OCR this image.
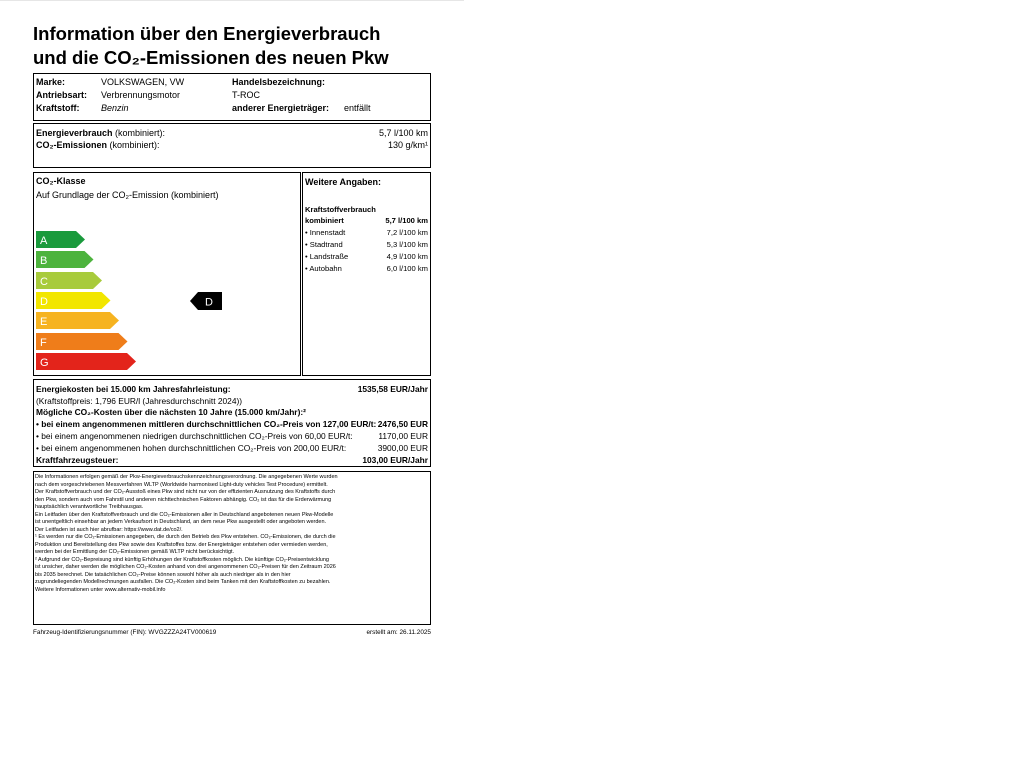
Information über den Energieverbrauch
und die CO₂-Emissionen des neuen Pkw
Marke:	VOLKSWAGEN, VW
Antriebsart: Verbrennungsmotor
Kraftstoff: Benzin
Handelsbezeichnung:
T-ROC
anderer Energieträger: entfällt
Energieverbrauch (kombiniert):	5,7 l/100 km
CO₂-Emissionen (kombiniert):	130 g/km¹
CO₂-Klasse
Auf Grundlage der CO₂-Emission (kombiniert)
A
B
C
D
E
F
G
D
Weitere Angaben:
Kraftstoffverbrauch
kombiniert	5,7 l/100 km
• Innenstadt	7,2 l/100 km
• Stadtrand	5,3 l/100 km
• Landstraße	4,9 l/100 km
• Autobahn	6,0 l/100 km
Energiekosten bei 15.000 km Jahresfahrleistung:	1535,58 EUR/Jahr
(Kraftstoffpreis: 1,796 EUR/l (Jahresdurchschnitt 2024))
Mögliche CO₂-Kosten über die nächsten 10 Jahre (15.000 km/Jahr):²
• bei einem angenommenen mittleren durchschnittlichen CO₂-Preis von 127,00 EUR/t: 2476,50 EUR
• bei einem angenommenen niedrigen durchschnittlichen CO₂-Preis von 60,00 EUR/t:	1170,00 EUR
• bei einem angenommenen hohen durchschnittlichen CO₂-Preis von 200,00 EUR/t:	3900,00 EUR
Kraftfahrzeugsteuer:	103,00 EUR/Jahr
Die Informationen erfolgen gemäß der Pkw-Energieverbrauchskennzeichnungsverordnung. Die angegebenen Werte wurden
nach dem vorgeschriebenen Messverfahren WLTP (Worldwide harmonised Light-duty vehicles Test Procedure) ermittelt.
Der Kraftstoffverbrauch und der CO₂-Ausstoß eines Pkw sind nicht nur von der effizienten Ausnutzung des Kraftstoffs durch
den Pkw, sondern auch vom Fahrstil und anderen nichttechnischen Faktoren abhängig. CO₂ ist das für die Erderwärmung
hauptsächlich verantwortliche Treibhausgas.
Ein Leitfaden über den Kraftstoffverbrauch und die CO₂-Emissionen aller in Deutschland angebotenen neuen Pkw-Modelle
ist unentgeltlich einsehbar an jedem Verkaufsort in Deutschland, an dem neue Pkw ausgestellt oder angeboten werden.
Der Leitfaden ist auch hier abrufbar: https://www.dat.de/co2/.
¹ Es werden nur die CO₂-Emissionen angegeben, die durch den Betrieb des Pkw entstehen. CO₂-Emissionen, die durch die
Produktion und Bereitstellung des Pkw sowie des Kraftstoffes bzw. der Energieträger entstehen oder vermieden werden,
werden bei der Ermittlung der CO₂-Emissionen gemäß WLTP nicht berücksichtigt.
² Aufgrund der CO₂-Bepreisung sind künftig Erhöhungen der Kraftstoffkosten möglich. Die künftige CO₂-Preisentwicklung
ist unsicher, daher werden die möglichen CO₂-Kosten anhand von drei angenommenen CO₂-Preisen für den Zeitraum 2026
bis 2035 berechnet. Die tatsächlichen CO₂-Preise können sowohl höher als auch niedriger als in den hier
zugrundeliegenden Modellrechnungen ausfallen. Die CO₂-Kosten sind beim Tanken mit den Kraftstoffkosten zu bezahlen.
Weitere Informationen unter www.alternativ-mobil.info
Fahrzeug-Identifizierungsnummer (FIN): WVGZZZA24TV000619	erstellt am: 26.11.2025
